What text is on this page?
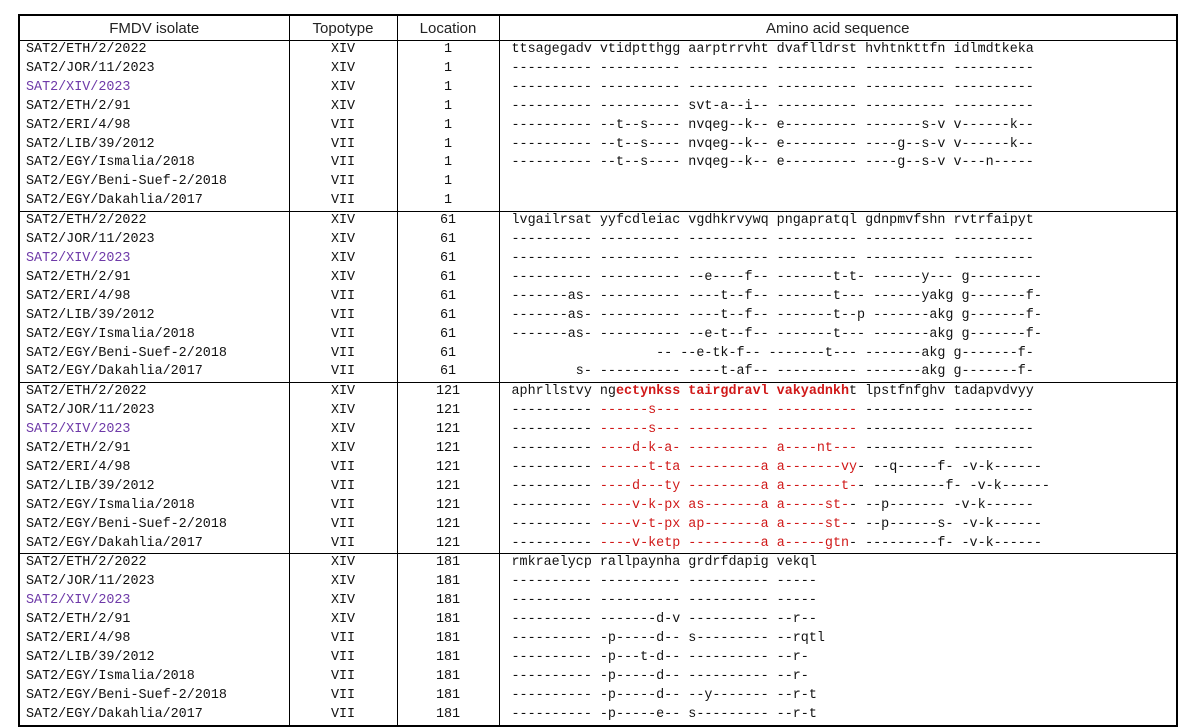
FMDV isolate	Topotype	Location	Amino acid sequence
SAT2/ETH/2/2022	XIV	1	ttsagegadv vtidptthgg aarptrrvht dvaflldrst hvhtnkttfn idlmdtkeka
SAT2/JOR/11/2023	XIV	1	---------- ---------- ---------- ---------- ---------- ----------
SAT2/XIV/2023	XIV	1	---------- ---------- ---------- ---------- ---------- ----------
SAT2/ETH/2/91	XIV	1	---------- ---------- svt-a--i-- ---------- ---------- ----------
SAT2/ERI/4/98	VII	1	---------- --t--s---- nvqeg--k-- e--------- -------s-v v------k--
SAT2/LIB/39/2012	VII	1	---------- --t--s---- nvqeg--k-- e--------- ----g--s-v v------k--
SAT2/EGY/Ismalia/2018	VII	1	---------- --t--s---- nvqeg--k-- e--------- ----g--s-v v---n-----
SAT2/EGY/Beni-Suef-2/2018	VII	1	
SAT2/EGY/Dakahlia/2017	VII	1	
SAT2/ETH/2/2022	XIV	61	lvgailrsat yyfcdleiac vgdhkrvywq pngapratql gdnpmvfshn rvtrfaipyt
SAT2/JOR/11/2023	XIV	61	---------- ---------- ---------- ---------- ---------- ----------
SAT2/XIV/2023	XIV	61	---------- ---------- ---------- ---------- ---------- ----------
SAT2/ETH/2/91	XIV	61	---------- ---------- --e----f-- -------t-t- ------y--- g---------
SAT2/ERI/4/98	VII	61	-------as- ---------- ----t--f-- -------t--- ------yakg g-------f-
SAT2/LIB/39/2012	VII	61	-------as- ---------- ----t--f-- -------t--p -------akg g-------f-
SAT2/EGY/Ismalia/2018	VII	61	-------as- ---------- --e-t--f-- -------t--- -------akg g-------f-
SAT2/EGY/Beni-Suef-2/2018	VII	61	-- --e-tk-f-- -------t--- -------akg g-------f-
SAT2/EGY/Dakahlia/2017	VII	61	s- ---------- ----t-af-- ---------- -------akg g-------f-
SAT2/ETH/2/2022	XIV	121	aphrllstvy ngectynkss tairgdravl vakyadnkht lpstfnfghv tadapvdvyy
SAT2/JOR/11/2023	XIV	121	---------- ------s--- ---------- ---------- ---------- ----------
SAT2/XIV/2023	XIV	121	---------- ------s--- ---------- ---------- ---------- ----------
SAT2/ETH/2/91	XIV	121	---------- ----d-k-a- ---------- a----nt--- ---------- ----------
SAT2/ERI/4/98	VII	121	---------- ------t-ta ---------a a-------vy- --q-----f- -v-k------
SAT2/LIB/39/2012	VII	121	---------- ----d---ty ---------a a-------t-- ---------f- -v-k------
SAT2/EGY/Ismalia/2018	VII	121	---------- ----v-k-px as-------a a-----st-- --p------- -v-k------
SAT2/EGY/Beni-Suef-2/2018	VII	121	---------- ----v-t-px ap-------a a-----st-- --p------s- -v-k------
SAT2/EGY/Dakahlia/2017	VII	121	---------- ----v-ketp ---------a a-----gtn- ---------f- -v-k------
SAT2/ETH/2/2022	XIV	181	rmkraelycp rallpaynha grdrfdapig vekql
SAT2/JOR/11/2023	XIV	181	---------- ---------- ---------- -----
SAT2/XIV/2023	XIV	181	---------- ---------- ---------- -----
SAT2/ETH/2/91	XIV	181	---------- -------d-v ---------- --r--
SAT2/ERI/4/98	VII	181	---------- -p-----d-- s--------- --rqtl
SAT2/LIB/39/2012	VII	181	---------- -p---t-d-- ---------- --r-
SAT2/EGY/Ismalia/2018	VII	181	---------- -p-----d-- ---------- --r-
SAT2/EGY/Beni-Suef-2/2018	VII	181	---------- -p-----d-- --y------- --r-t
SAT2/EGY/Dakahlia/2017	VII	181	---------- -p-----e-- s--------- --r-t
